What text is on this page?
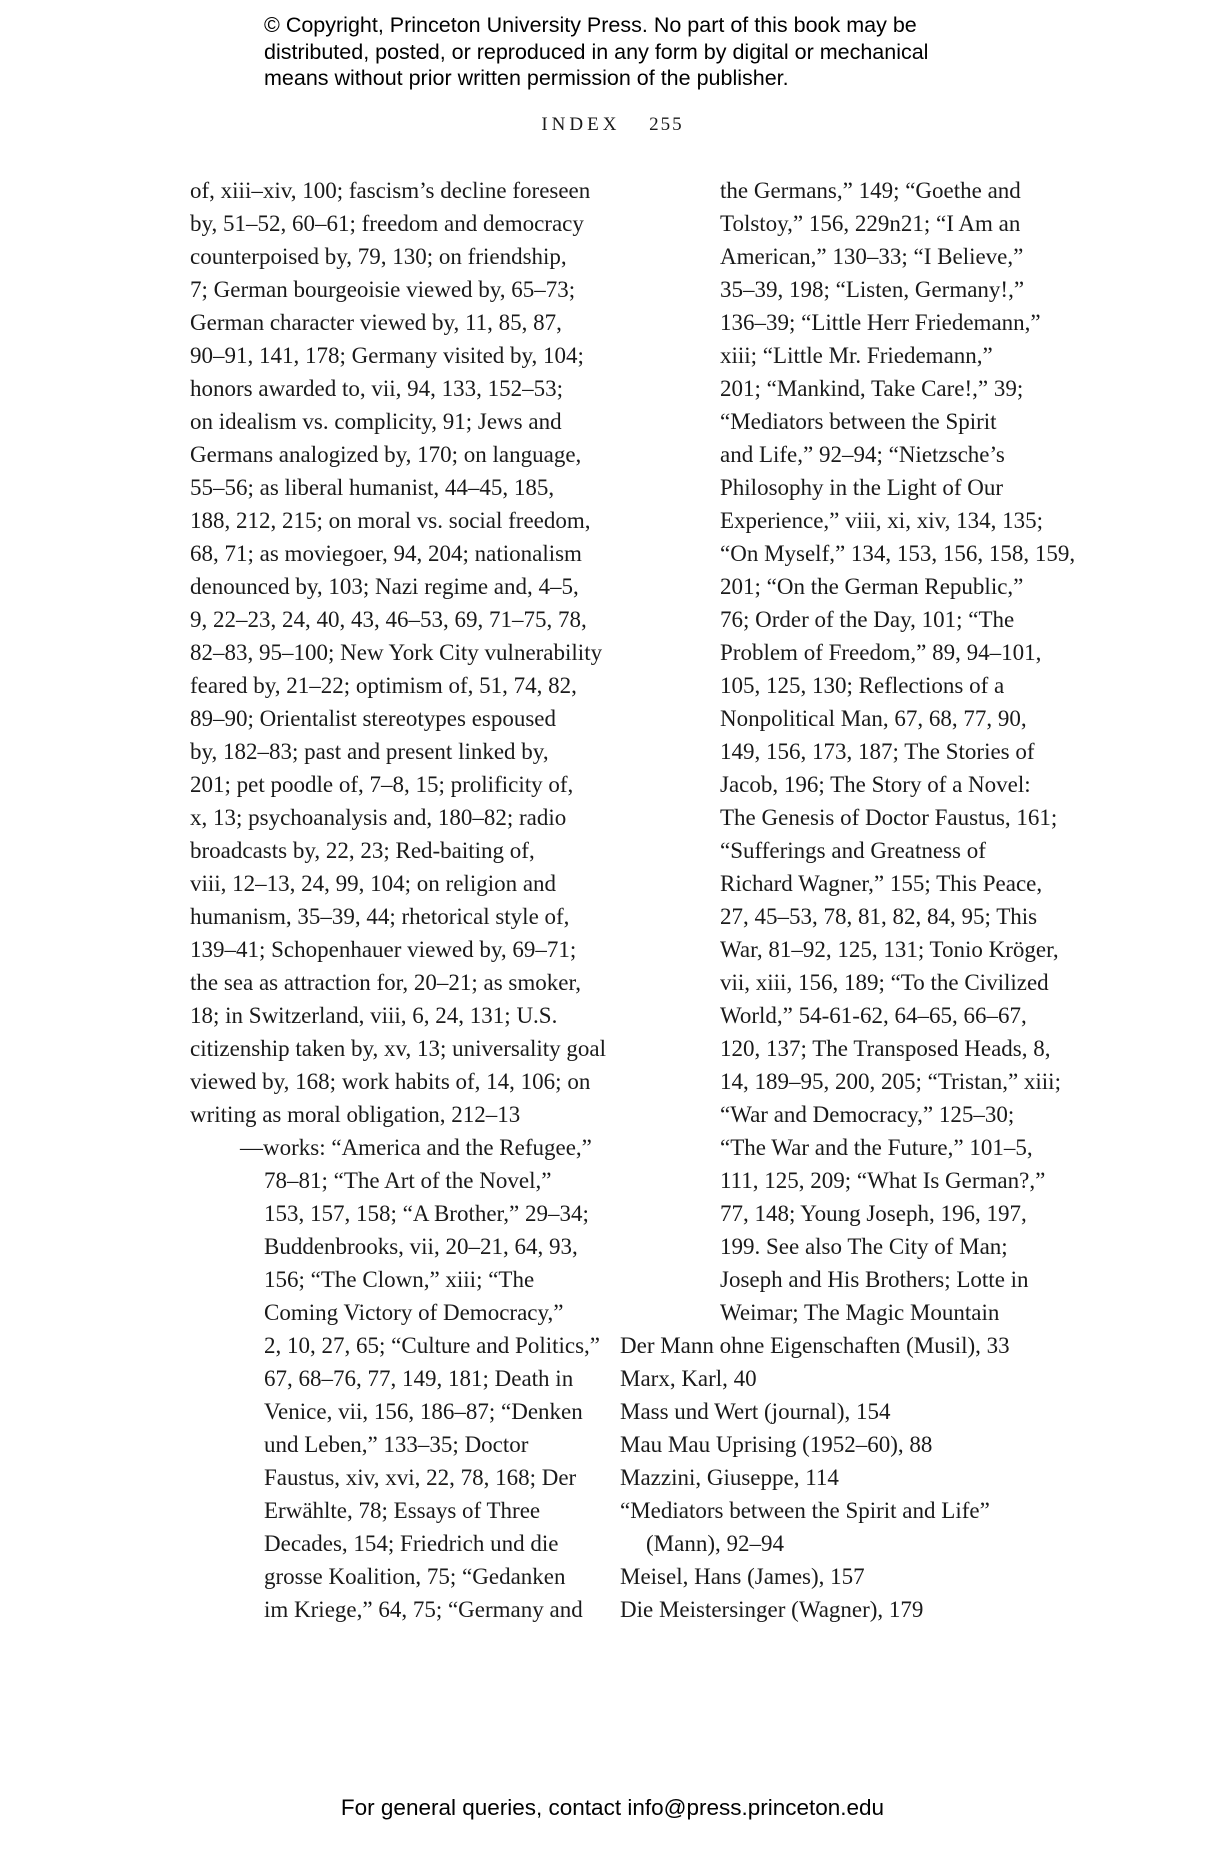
© Copyright, Princeton University Press. No part of this book may be
distributed, posted, or reproduced in any form by digital or mechanical
means without prior written permission of the publisher.
INDEX 255
of, xiii–xiv, 100; fascism’s decline foreseen
by, 51–52, 60–61; freedom and democracy
counterpoised by, 79, 130; on friendship,
7; German bourgeoisie viewed by, 65–73;
German character viewed by, 11, 85, 87,
90–91, 141, 178; Germany visited by, 104;
honors awarded to, vii, 94, 133, 152–53;
on idealism vs. complicity, 91; Jews and
Germans analogized by, 170; on language,
55–56; as liberal humanist, 44–45, 185,
188, 212, 215; on moral vs. social freedom,
68, 71; as moviegoer, 94, 204; nationalism
denounced by, 103; Nazi regime and, 4–5,
9, 22–23, 24, 40, 43, 46–53, 69, 71–75, 78,
82–83, 95–100; New York City vulnerability
feared by, 21–22; optimism of, 51, 74, 82,
89–90; Orientalist stereotypes espoused
by, 182–83; past and present linked by,
201; pet poodle of, 7–8, 15; prolificity of,
x, 13; psychoanalysis and, 180–82; radio
broadcasts by, 22, 23; Red-baiting of,
viii, 12–13, 24, 99, 104; on religion and
humanism, 35–39, 44; rhetorical style of,
139–41; Schopenhauer viewed by, 69–71;
the sea as attraction for, 20–21; as smoker,
18; in Switzerland, viii, 6, 24, 131; U.S.
citizenship taken by, xv, 13; universality goal
viewed by, 168; work habits of, 14, 106; on
writing as moral obligation, 212–13
—works: “America and the Refugee,”
78–81; “The Art of the Novel,”
153, 157, 158; “A Brother,” 29–34;
Buddenbrooks, vii, 20–21, 64, 93,
156; “The Clown,” xiii; “The
Coming Victory of Democracy,”
2, 10, 27, 65; “Culture and Politics,”
67, 68–76, 77, 149, 181; Death in
Venice, vii, 156, 186–87; “Denken
und Leben,” 133–35; Doctor
Faustus, xiv, xvi, 22, 78, 168; Der
Erwählte, 78; Essays of Three
Decades, 154; Friedrich und die
grosse Koalition, 75; “Gedanken
im Kriege,” 64, 75; “Germany and
the Germans,” 149; “Goethe and
Tolstoy,” 156, 229n21; “I Am an
American,” 130–33; “I Believe,”
35–39, 198; “Listen, Germany!,”
136–39; “Little Herr Friedemann,”
xiii; “Little Mr. Friedemann,”
201; “Mankind, Take Care!,” 39;
“Mediators between the Spirit
and Life,” 92–94; “Nietzsche’s
Philosophy in the Light of Our
Experience,” viii, xi, xiv, 134, 135;
“On Myself,” 134, 153, 156, 158, 159,
201; “On the German Republic,”
76; Order of the Day, 101; “The
Problem of Freedom,” 89, 94–101,
105, 125, 130; Reflections of a
Nonpolitical Man, 67, 68, 77, 90,
149, 156, 173, 187; The Stories of
Jacob, 196; The Story of a Novel:
The Genesis of Doctor Faustus, 161;
“Sufferings and Greatness of
Richard Wagner,” 155; This Peace,
27, 45–53, 78, 81, 82, 84, 95; This
War, 81–92, 125, 131; Tonio Kröger,
vii, xiii, 156, 189; “To the Civilized
World,” 54-61-62, 64–65, 66–67,
120, 137; The Transposed Heads, 8,
14, 189–95, 200, 205; “Tristan,” xiii;
“War and Democracy,” 125–30;
“The War and the Future,” 101–5,
111, 125, 209; “What Is German?,”
77, 148; Young Joseph, 196, 197,
199. See also The City of Man;
Joseph and His Brothers; Lotte in
Weimar; The Magic Mountain
Der Mann ohne Eigenschaften (Musil), 33
Marx, Karl, 40
Mass und Wert (journal), 154
Mau Mau Uprising (1952–60), 88
Mazzini, Giuseppe, 114
“Mediators between the Spirit and Life”
(Mann), 92–94
Meisel, Hans (James), 157
Die Meistersinger (Wagner), 179
For general queries, contact info@press.princeton.edu
